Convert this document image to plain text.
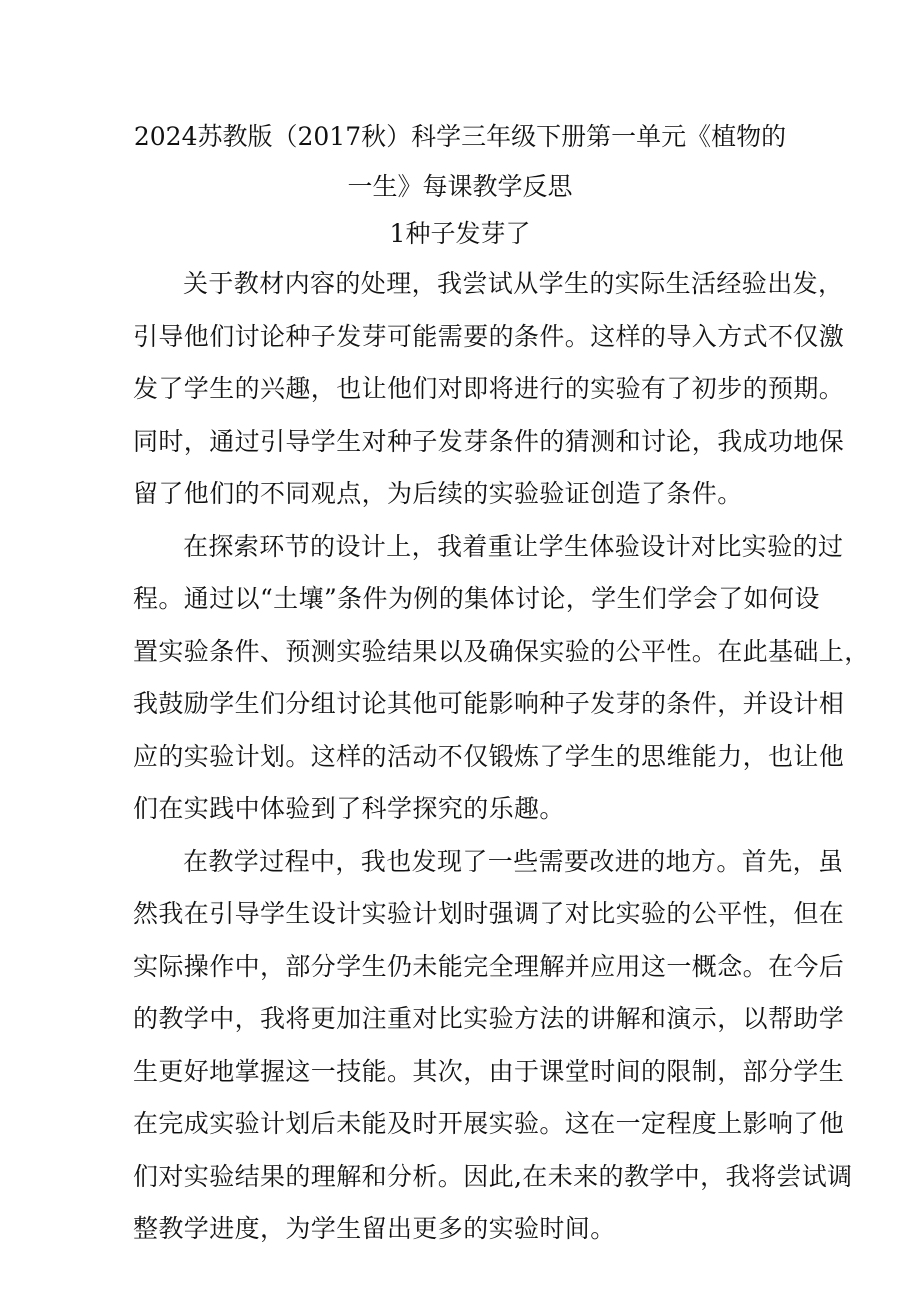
2024苏教版（2017秋）科学三年级下册第一单元《植物的
一生》每课教学反思
1种子发芽了

关于教材内容的处理，我尝试从学生的实际生活经验出发，
引导他们讨论种子发芽可能需要的条件。这样的导入方式不仅激
发了学生的兴趣，也让他们对即将进行的实验有了初步的预期。
同时，通过引导学生对种子发芽条件的猜测和讨论，我成功地保
留了他们的不同观点，为后续的实验验证创造了条件。

在探索环节的设计上，我着重让学生体验设计对比实验的过
程。通过以“土壤”条件为例的集体讨论，学生们学会了如何设
置实验条件、预测实验结果以及确保实验的公平性。在此基础上，
我鼓励学生们分组讨论其他可能影响种子发芽的条件，并设计相
应的实验计划。这样的活动不仅锻炼了学生的思维能力，也让他
们在实践中体验到了科学探究的乐趣。

在教学过程中，我也发现了一些需要改进的地方。首先，虽
然我在引导学生设计实验计划时强调了对比实验的公平性，但在
实际操作中，部分学生仍未能完全理解并应用这一概念。在今后
的教学中，我将更加注重对比实验方法的讲解和演示，以帮助学
生更好地掌握这一技能。其次，由于课堂时间的限制，部分学生
在完成实验计划后未能及时开展实验。这在一定程度上影响了他
们对实验结果的理解和分析。因此,在未来的教学中，我将尝试调
整教学进度，为学生留出更多的实验时间。
